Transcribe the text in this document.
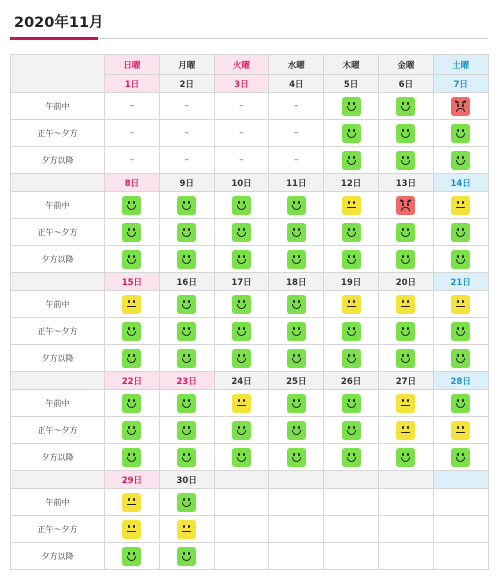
2020年11月
	日曜	月曜	火曜	水曜	木曜	金曜	土曜
	1日	2日	3日	4日	5日	6日	7日
午前中	–	–	–	–	

正午～夕方	–	–	–	–	

夕方以降	–	–	–	–	

	8日	9日	10日	11日	12日	13日	14日
午前中	

正午～夕方	

夕方以降	

	15日	16日	17日	18日	19日	20日	21日
午前中	

正午～夕方	

夕方以降	

	22日	23日	24日	25日	26日	27日	28日
午前中	

正午～夕方	

夕方以降	

	29日	30日					
午前中	

正午～夕方	

夕方以降	
